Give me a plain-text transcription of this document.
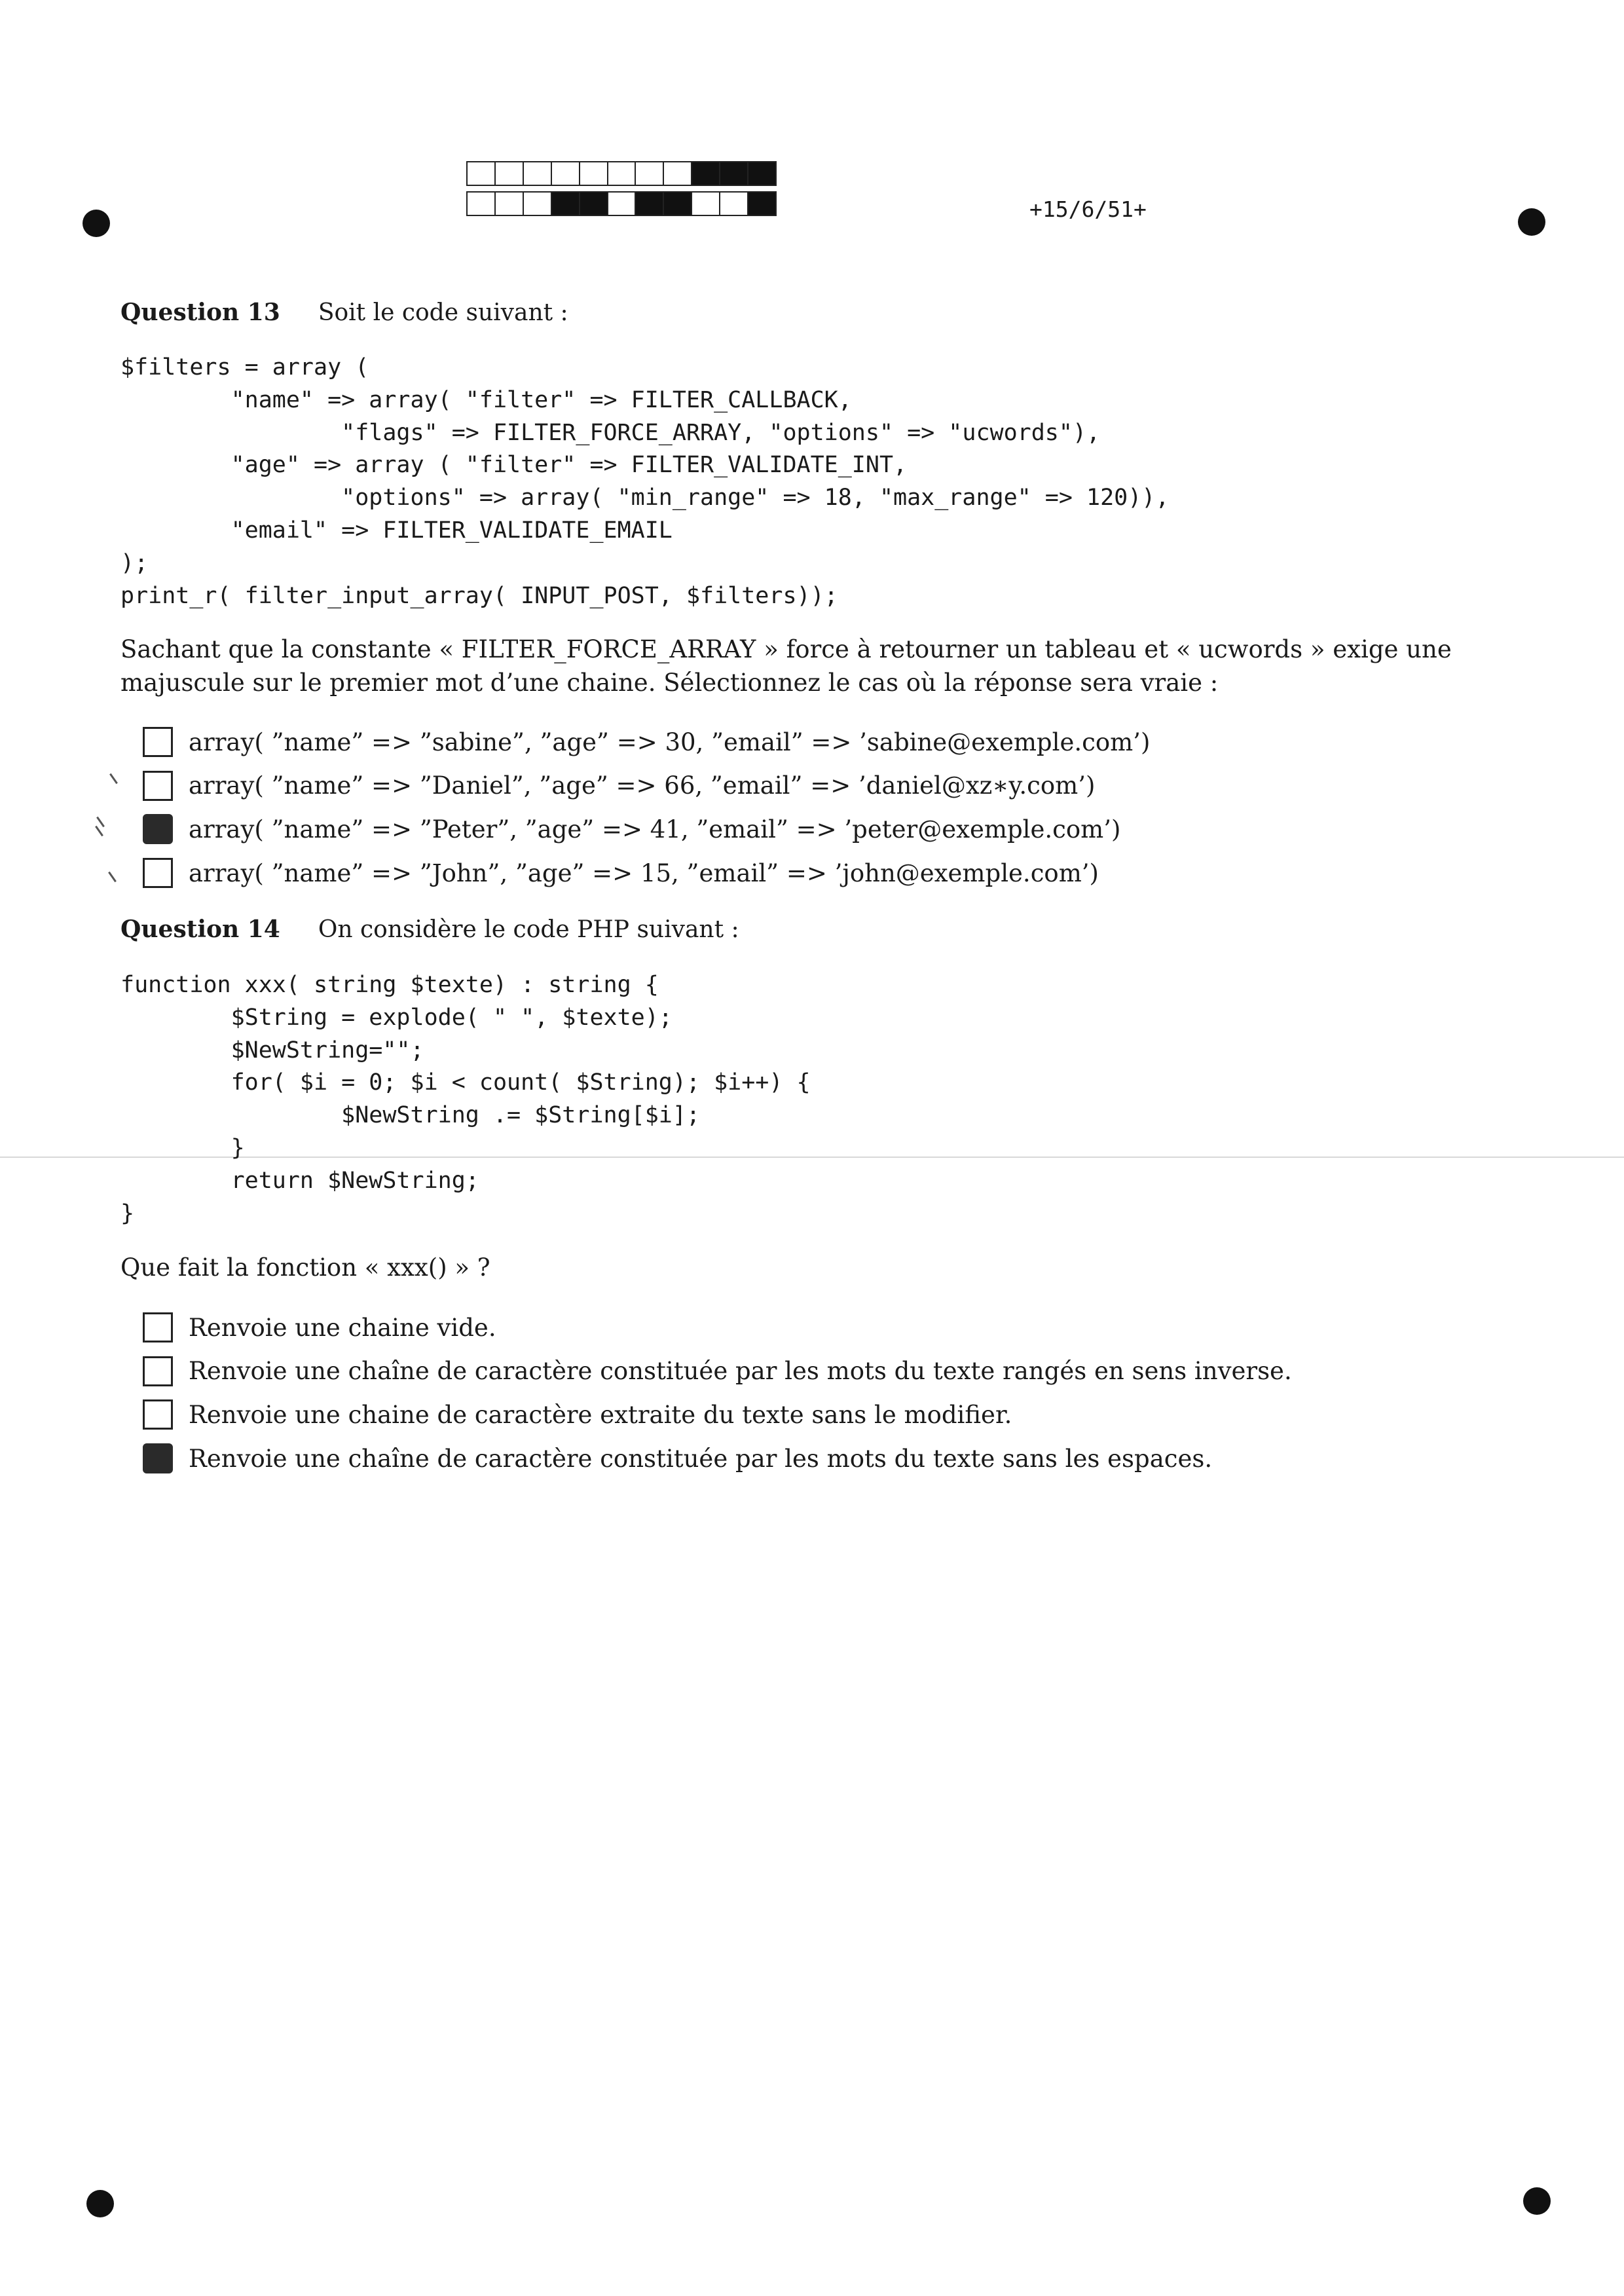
+15/6/51+
Question 13 Soit le code suivant :
$filters = array (
"name" => array( "filter" => FILTER_CALLBACK,
"flags" => FILTER_FORCE_ARRAY, "options" => "ucwords"),
"age" => array ( "filter" => FILTER_VALIDATE_INT,
"options" => array( "min_range" => 18, "max_range" => 120)),
"email" => FILTER_VALIDATE_EMAIL
);
print_r( filter_input_array( INPUT_POST, $filters));
Sachant que la constante « FILTER_FORCE_ARRAY » force à retourner un tableau et « ucwords » exige une majuscule sur le premier mot d’une chaine. Sélectionnez le cas où la réponse sera vraie :
array( ”name” => ”sabine”, ”age” => 30, ”email” => ’sabine@exemple.com’)
array( ”name” => ”Daniel”, ”age” => 66, ”email” => ’daniel@xz∗y.com’)
array( ”name” => ”Peter”, ”age” => 41, ”email” => ’peter@exemple.com’)
array( ”name” => ”John”, ”age” => 15, ”email” => ’john@exemple.com’)
Question 14 On considère le code PHP suivant :
function xxx( string $texte) : string {
$String = explode( " ", $texte);
$NewString="";
for( $i = 0; $i < count( $String); $i++) {
$NewString .= $String[$i];
}
return $NewString;
}
Que fait la fonction « xxx() » ?
Renvoie une chaine vide.
Renvoie une chaîne de caractère constituée par les mots du texte rangés en sens inverse.
Renvoie une chaine de caractère extraite du texte sans le modifier.
Renvoie une chaîne de caractère constituée par les mots du texte sans les espaces.
